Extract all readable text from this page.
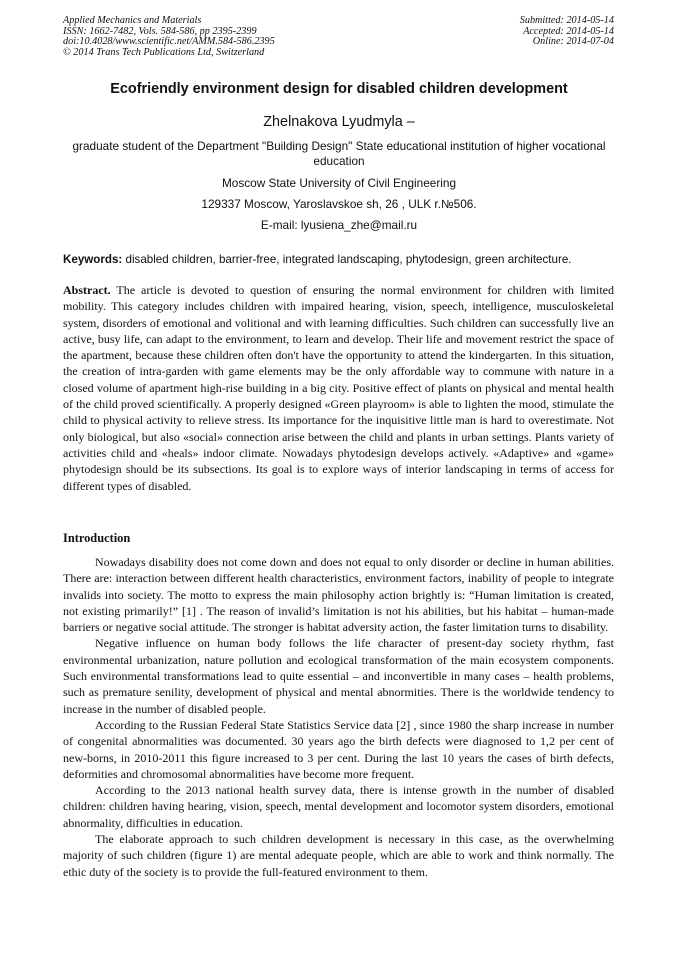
Applied Mechanics and Materials
ISSN: 1662-7482, Vols. 584-586, pp 2395-2399
doi:10.4028/www.scientific.net/AMM.584-586.2395
© 2014 Trans Tech Publications Ltd, Switzerland
Submitted: 2014-05-14
Accepted: 2014-05-14
Online: 2014-07-04
Ecofriendly environment design for disabled children development
Zhelnakova Lyudmyla –
graduate student of the Department "Building Design" State educational institution of higher vocational education
Moscow State University of Civil Engineering
129337 Moscow, Yaroslavskoe sh, 26 , ULK r.№506.
E-mail: lyusiena_zhe@mail.ru
Keywords: disabled children, barrier-free, integrated landscaping, phytodesign, green architecture.
Abstract. The article is devoted to question of ensuring the normal environment for children with limited mobility. This category includes children with impaired hearing, vision, speech, intelligence, musculoskeletal system, disorders of emotional and volitional and with learning difficulties. Such children can successfully live an active, busy life, can adapt to the environment, to learn and develop. Their life and movement restrict the space of the apartment, because these children often don't have the opportunity to attend the kindergarten. In this situation, the creation of intra-garden with game elements may be the only affordable way to commune with nature in a closed volume of apartment high-rise building in a big city. Positive effect of plants on physical and mental health of the child proved scientifically. A properly designed «Green playroom» is able to lighten the mood, stimulate the child to physical activity to relieve stress. Its importance for the inquisitive little man is hard to overestimate. Not only biological, but also «social» connection arise between the child and plants in urban settings. Plants variety of activities child and «heals» indoor climate. Nowadays phytodesign develops actively. «Adaptive» and «game» phytodesign should be its subsections. Its goal is to explore ways of interior landscaping in terms of access for different types of disabled.
Introduction

Nowadays disability does not come down and does not equal to only disorder or decline in human abilities. There are: interaction between different health characteristics, environment factors, inability of people to integrate invalids into society. The motto to express the main philosophy action brightly is: “Human limitation is created, not existing primarily!” [1] . The reason of invalid’s limitation is not his abilities, but his habitat – human-made barriers or negative social attitude. The stronger is habitat adversity action, the faster limitation turns to disability.

Negative influence on human body follows the life character of present-day society rhythm, fast environmental urbanization, nature pollution and ecological transformation of the main ecosystem components. Such environmental transformations lead to quite essential – and inconvertible in many cases – health problems, such as premature senility, development of physical and mental abnormities. There is the worldwide tendency to increase in the number of disabled people.

According to the Russian Federal State Statistics Service data [2] , since 1980 the sharp increase in number of congenital abnormalities was documented. 30 years ago the birth defects were diagnosed to 1,2 per cent of new-borns, in 2010-2011 this figure increased to 3 per cent. During the last 10 years the cases of birth defects, deformities and chromosomal abnormalities have become more frequent.

According to the 2013 national health survey data, there is intense growth in the number of disabled children: children having hearing, vision, speech, mental development and locomotor system disorders, emotional abnormality, difficulties in education.

The elaborate approach to such children development is necessary in this case, as the overwhelming majority of such children (figure 1) are mental adequate people, which are able to work and think normally. The ethic duty of the society is to provide the full-featured environment to them.
